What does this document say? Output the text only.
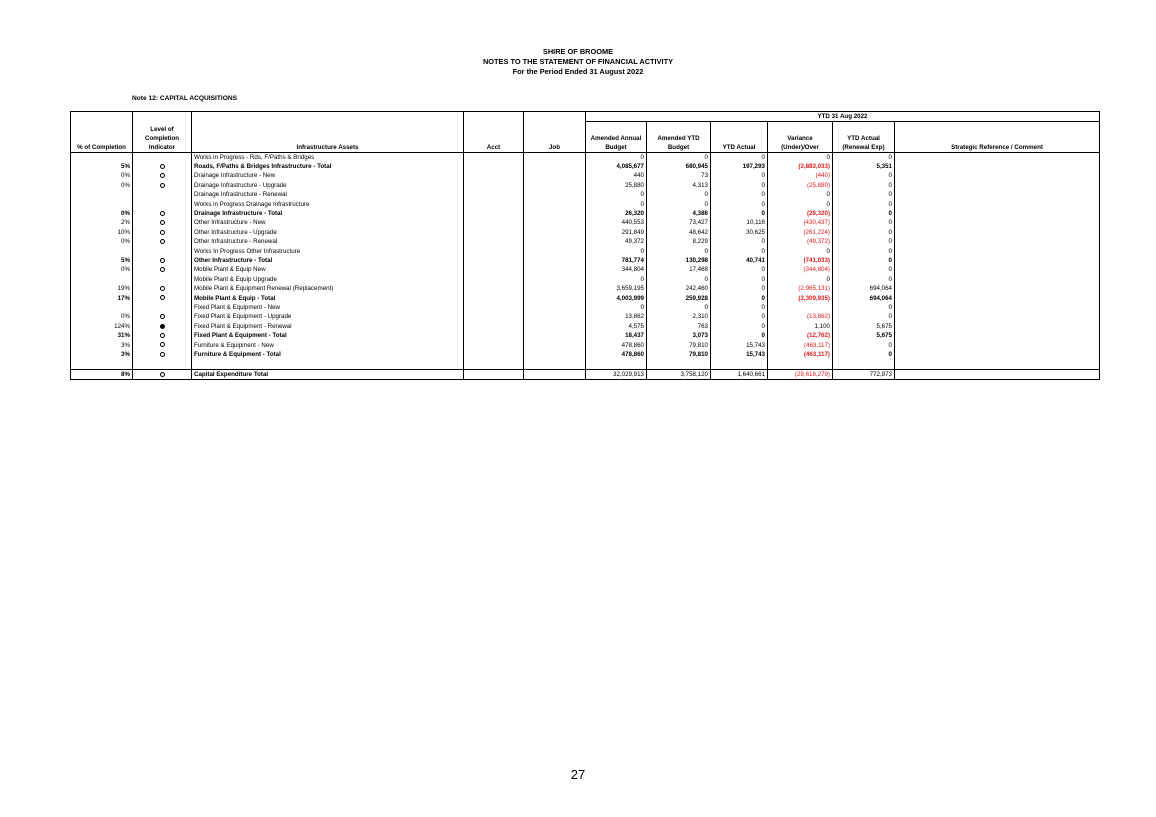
SHIRE OF BROOME
NOTES TO THE STATEMENT OF FINANCIAL ACTIVITY
For the Period Ended 31 August 2022
Note 12: CAPITAL ACQUISITIONS
					YTD 31 Aug 2022					
% of Completion	Level of Completion Indicator	Infrastructure Assets	Acct	Job	Amended Annual Budget	Amended YTD Budget	YTD Actual	Variance (Under)/Over	YTD Actual (Renewal Exp)	Strategic Reference / Comment
		Works in Progress - Rds, F/Paths & Bridges			0	0	0	0	0	
5%		Roads, F/Paths & Bridges Infrastructure - Total			4,085,677	680,945	197,293	(3,883,033)	5,351	
0%		Drainage Infrastructure - New			440	73	0	(440)	0	
0%		Drainage Infrastructure - Upgrade			25,880	4,313	0	(25,880)	0	
		Drainage Infrastructure - Renewal			0	0	0	0	0	
		Works in Progress Drainage Infrastructure			0	0	0	0	0	
0%		Drainage Infrastructure - Total			26,320	4,386	0	(26,320)	0	
2%		Other Infrastructure - New			440,553	73,427	10,116	(430,437)	0	
10%		Other Infrastructure - Upgrade			291,849	48,642	30,625	(261,224)	0	
0%		Other Infrastructure - Renewal			49,372	8,229	0	(49,372)	0	
		Works In Progress Other Infrastructure			0	0	0	0	0	
5%		Other Infrastructure - Total			781,774	130,298	40,741	(741,033)	0	
0%		Mobile Plant & Equip New			344,804	17,468	0	(344,804)	0	
		Mobile Plant & Equip Upgrade			0	0	0	0	0	
19%		Mobile Plant & Equipment Renewal (Replacement)			3,659,195	242,460	0	(2,965,131)	694,064	
17%		Mobile Plant & Equip - Total			4,003,999	259,928	0	(3,309,935)	694,064	
		Fixed Plant & Equipment - New			0	0	0		0	
0%		Fixed Plant & Equipment - Upgrade			13,862	2,310	0	(13,862)	0	
124%		Fixed Plant & Equipment - Renewal			4,575	763	0	1,100	5,675	
31%		Fixed Plant & Equipment - Total			18,437	3,073	0	(12,762)	5,675	
3%		Furniture & Equipment - New			478,860	79,810	15,743	(463,117)	0	
3%		Furniture & Equipment - Total			478,860	79,810	15,743	(463,117)	0	

8%		Capital Expenditure Total			32,029,913	3,758,120	1,640,661	(29,616,279)	772,973	
27
